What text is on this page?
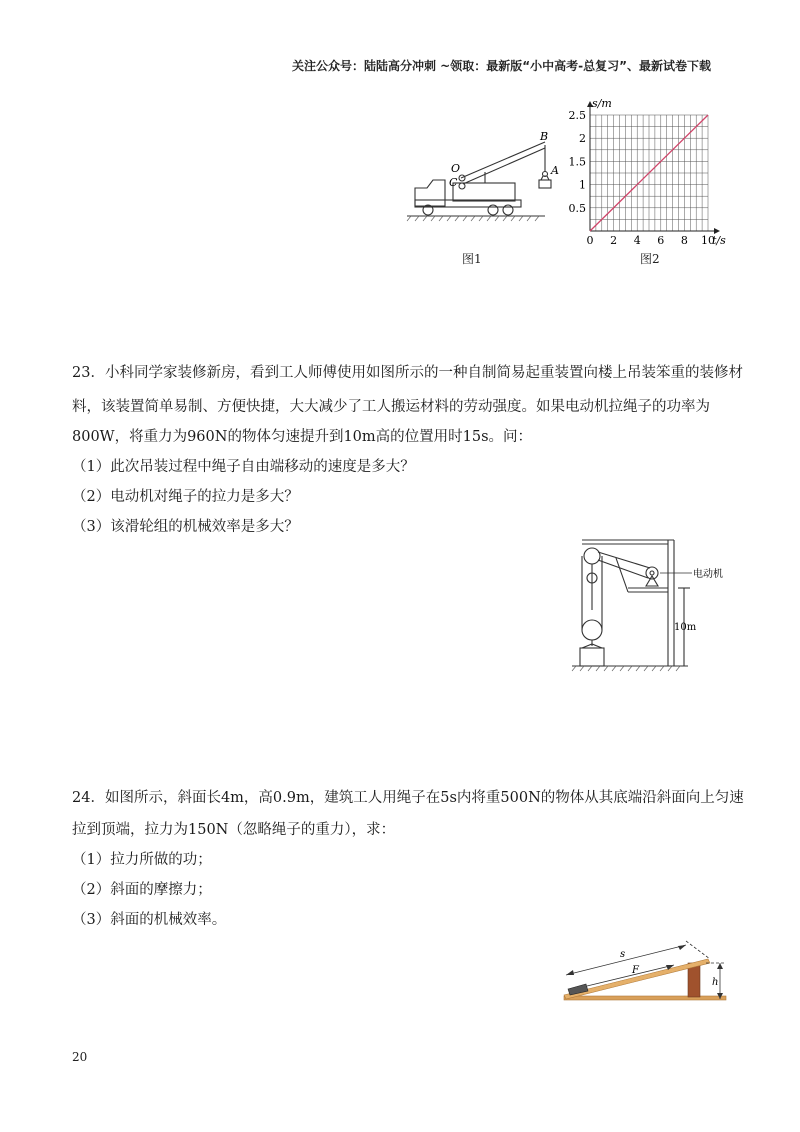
关注公众号：陆陆高分冲刺 ~领取：最新版“小中高考-总复习”、最新试卷下载
B
O
C
A
图1
0 2 4 6 8 10
0.5
1
1.5
2
2.5
s/m
t/s
图2
23．小科同学家装修新房，看到工人师傅使用如图所示的一种自制简易起重装置向楼上吊装笨重的装修材
料，该装置简单易制、方便快捷，大大减少了工人搬运材料的劳动强度。如果电动机拉绳子的功率为
800W，将重力为960N的物体匀速提升到10m高的位置用时15s。问：
（1）此次吊装过程中绳子自由端移动的速度是多大？
（2）电动机对绳子的拉力是多大？
（3）该滑轮组的机械效率是多大？
电动机
10m
24．如图所示，斜面长4m，高0.9m，建筑工人用绳子在5s内将重500N的物体从其底端沿斜面向上匀速
拉到顶端，拉力为150N（忽略绳子的重力），求：
（1）拉力所做的功；
（2）斜面的摩擦力；
（3）斜面的机械效率。
s
F
h
20
